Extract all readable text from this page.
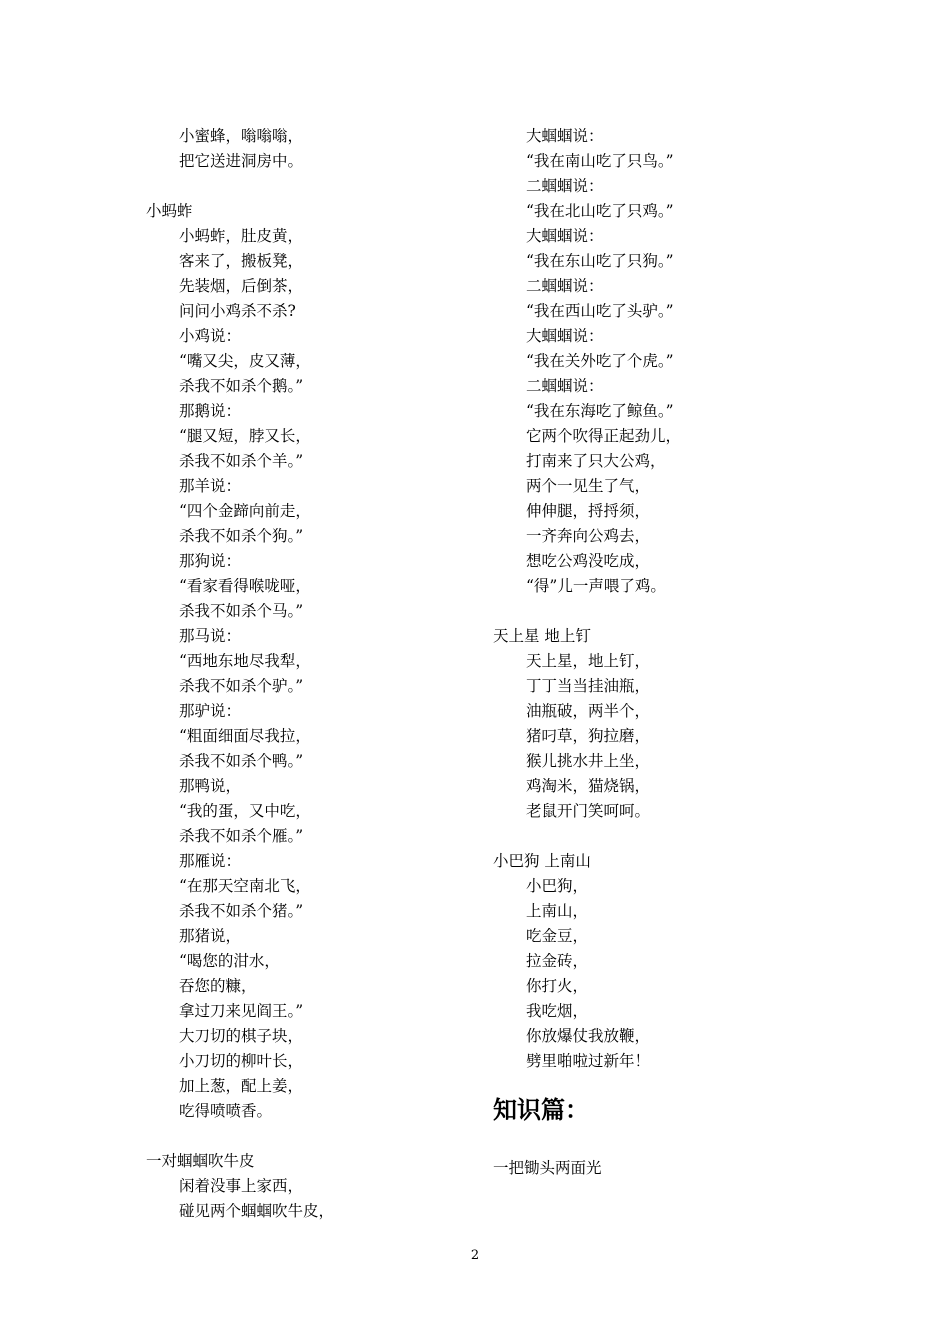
小蜜蜂，嗡嗡嗡，
把它送进洞房中。
小蚂蚱
小蚂蚱，肚皮黄，
客来了，搬板凳，
先装烟，后倒茶，
问问小鸡杀不杀?
小鸡说：
“嘴又尖，皮又薄，
杀我不如杀个鹅。”
那鹅说：
“腿又短，脖又长，
杀我不如杀个羊。”
那羊说：
“四个金蹄向前走，
杀我不如杀个狗。”
那狗说：
“看家看得喉咙哑，
杀我不如杀个马。”
那马说：
“西地东地尽我犁，
杀我不如杀个驴。”
那驴说：
“粗面细面尽我拉，
杀我不如杀个鸭。”
那鸭说，
“我的蛋，又中吃，
杀我不如杀个雁。”
那雁说：
“在那天空南北飞，
杀我不如杀个猪。”
那猪说，
“喝您的泔水，
吞您的糠，
拿过刀来见阎王。”
大刀切的棋子块，
小刀切的柳叶长，
加上葱，配上姜，
吃得喷喷香。
一对蝈蝈吹牛皮
闲着没事上家西，
碰见两个蝈蝈吹牛皮，
大蝈蝈说：
“我在南山吃了只鸟。”
二蝈蝈说：
“我在北山吃了只鸡。”
大蝈蝈说：
“我在东山吃了只狗。”
二蝈蝈说：
“我在西山吃了头驴。”
大蝈蝈说：
“我在关外吃了个虎。”
二蝈蝈说：
“我在东海吃了鲸鱼。”
它两个吹得正起劲儿，
打南来了只大公鸡，
两个一见生了气，
伸伸腿，捋捋须，
一齐奔向公鸡去，
想吃公鸡没吃成，
“得”儿一声喂了鸡。
天上星 地上钉
天上星，地上钉，
丁丁当当挂油瓶，
油瓶破，两半个，
猪叼草，狗拉磨，
猴儿挑水井上坐，
鸡淘米，猫烧锅，
老鼠开门笑呵呵。
小巴狗 上南山
小巴狗，
上南山，
吃金豆，
拉金砖，
你打火，
我吃烟，
你放爆仗我放鞭，
劈里啪啦过新年！
知识篇：
一把锄头两面光
2
